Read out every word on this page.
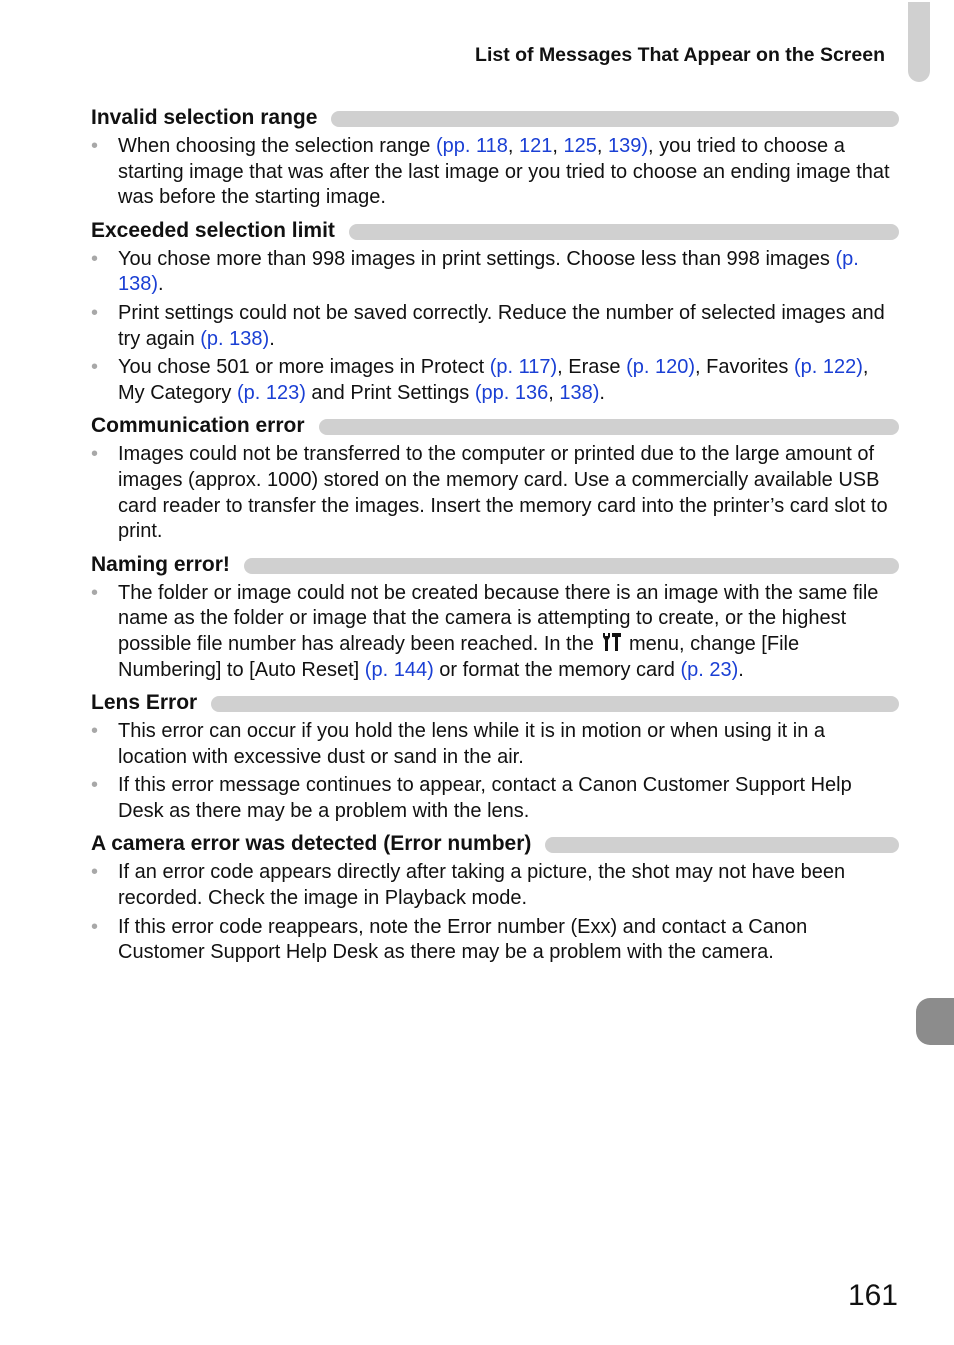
List of Messages That Appear on the Screen
Invalid selection range
• When choosing the selection range (pp. 118, 121, 125, 139), you tried to choose a starting image that was after the last image or you tried to choose an ending image that was before the starting image.
Exceeded selection limit
• You chose more than 998 images in print settings. Choose less than 998 images (p. 138).
• Print settings could not be saved correctly. Reduce the number of selected images and try again (p. 138).
• You chose 501 or more images in Protect (p. 117), Erase (p. 120), Favorites (p. 122), My Category (p. 123) and Print Settings (pp. 136, 138).
Communication error
• Images could not be transferred to the computer or printed due to the large amount of images (approx. 1000) stored on the memory card. Use a commercially available USB card reader to transfer the images. Insert the memory card into the printer’s card slot to print.
Naming error!
• The folder or image could not be created because there is an image with the same file name as the folder or image that the camera is attempting to create, or the highest possible file number has already been reached. In the  menu, change [File Numbering] to [Auto Reset] (p. 144) or format the memory card (p. 23).
Lens Error
• This error can occur if you hold the lens while it is in motion or when using it in a location with excessive dust or sand in the air.
• If this error message continues to appear, contact a Canon Customer Support Help Desk as there may be a problem with the lens.
A camera error was detected (Error number)
• If an error code appears directly after taking a picture, the shot may not have been recorded. Check the image in Playback mode.
• If this error code reappears, note the Error number (Exx) and contact a Canon Customer Support Help Desk as there may be a problem with the camera.
161
